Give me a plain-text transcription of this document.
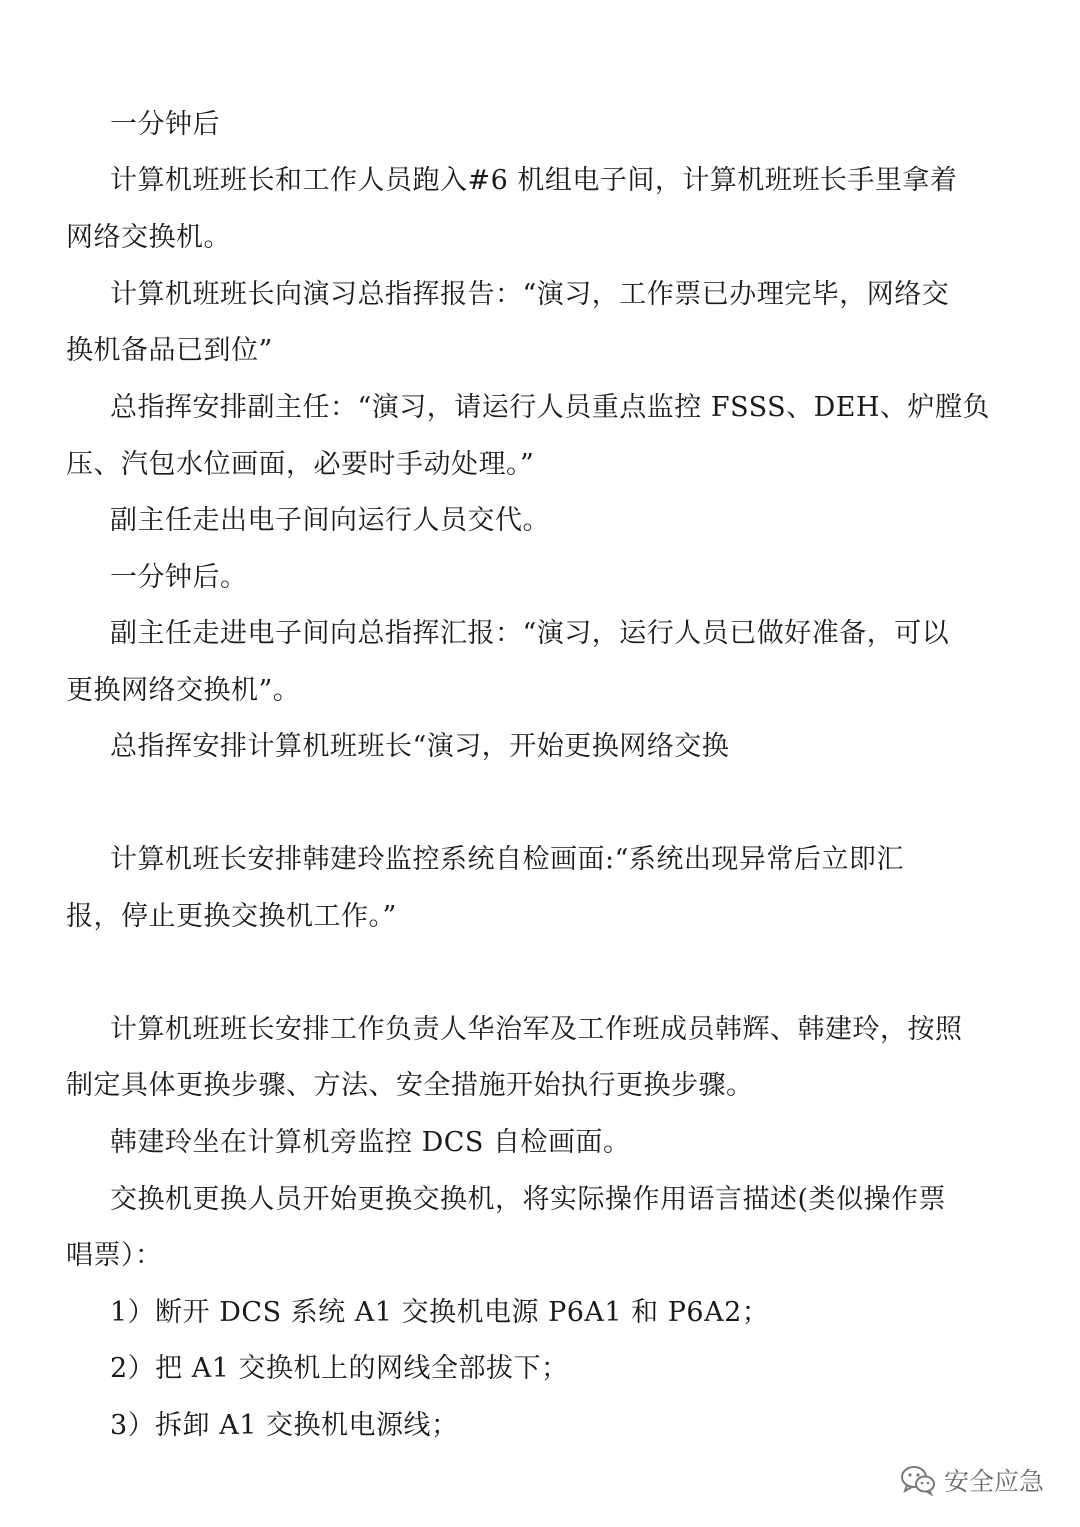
一分钟后
计算机班班长和工作人员跑入#6 机组电子间，计算机班班长手里拿着
网络交换机。
计算机班班长向演习总指挥报告：“演习，工作票已办理完毕，网络交
换机备品已到位”
总指挥安排副主任：“演习，请运行人员重点监控 FSSS、DEH、炉膛负
压、汽包水位画面，必要时手动处理。”
副主任走出电子间向运行人员交代。
一分钟后。
副主任走进电子间向总指挥汇报：“演习，运行人员已做好准备，可以
更换网络交换机”。
总指挥安排计算机班班长“演习，开始更换网络交换
计算机班长安排韩建玲监控系统自检画面:“系统出现异常后立即汇
报，停止更换交换机工作。”
计算机班班长安排工作负责人华治军及工作班成员韩辉、韩建玲，按照
制定具体更换步骤、方法、安全措施开始执行更换步骤。
韩建玲坐在计算机旁监控 DCS 自检画面。
交换机更换人员开始更换交换机，将实际操作用语言描述(类似操作票
唱票）：
1）断开 DCS 系统 A1 交换机电源 P6A1 和 P6A2；
2）把 A1 交换机上的网线全部拔下；
3）拆卸 A1 交换机电源线；
安全应急
